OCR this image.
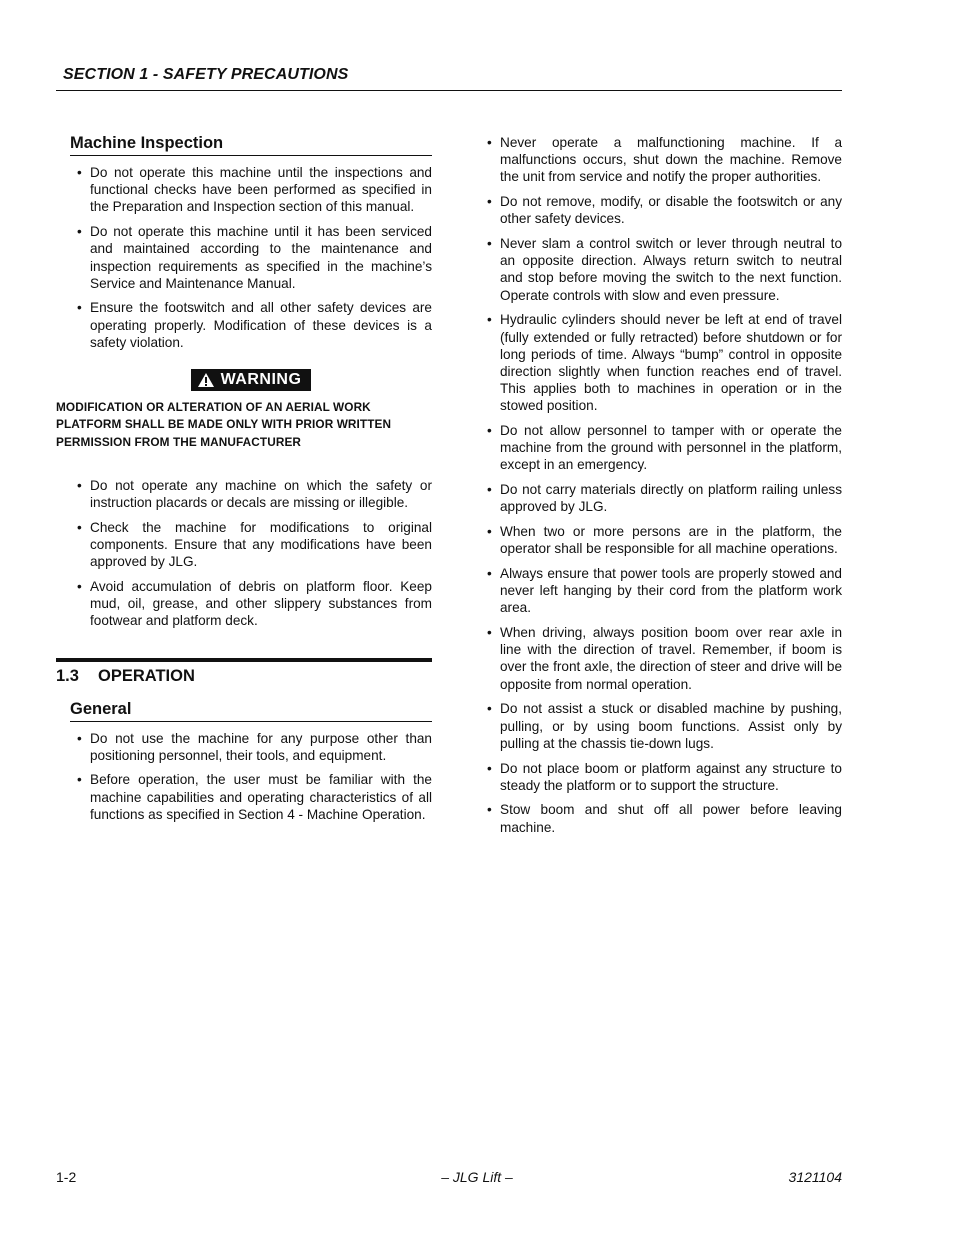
SECTION 1 - SAFETY PRECAUTIONS
Machine Inspection
• Do not operate this machine until the inspections and functional checks have been performed as specified in the Preparation and Inspection section of this manual.
• Do not operate this machine until it has been serviced and maintained according to the maintenance and inspection requirements as specified in the machine’s Service and Maintenance Manual.
• Ensure the footswitch and all other safety devices are operating properly. Modification of these devices is a safety violation.
WARNING
MODIFICATION OR ALTERATION OF AN AERIAL WORK PLATFORM SHALL BE MADE ONLY WITH PRIOR WRITTEN PERMISSION FROM THE MANUFACTURER
• Do not operate any machine on which the safety or instruction placards or decals are missing or illegible.
• Check the machine for modifications to original components. Ensure that any modifications have been approved by JLG.
• Avoid accumulation of debris on platform floor. Keep mud, oil, grease, and other slippery substances from footwear and platform deck.
1.3 OPERATION
General
• Do not use the machine for any purpose other than positioning personnel, their tools, and equipment.
• Before operation, the user must be familiar with the machine capabilities and operating characteristics of all functions as specified in Section 4 - Machine Operation.
• Never operate a malfunctioning machine. If a malfunctions occurs, shut down the machine. Remove the unit from service and notify the proper authorities.
• Do not remove, modify, or disable the footswitch or any other safety devices.
• Never slam a control switch or lever through neutral to an opposite direction. Always return switch to neutral and stop before moving the switch to the next function. Operate controls with slow and even pressure.
• Hydraulic cylinders should never be left at end of travel (fully extended or fully retracted) before shutdown or for long periods of time. Always “bump” control in opposite direction slightly when function reaches end of travel. This applies both to machines in operation or in the stowed position.
• Do not allow personnel to tamper with or operate the machine from the ground with personnel in the platform, except in an emergency.
• Do not carry materials directly on platform railing unless approved by JLG.
• When two or more persons are in the platform, the operator shall be responsible for all machine operations.
• Always ensure that power tools are properly stowed and never left hanging by their cord from the platform work area.
• When driving, always position boom over rear axle in line with the direction of travel. Remember, if boom is over the front axle, the direction of steer and drive will be opposite from normal operation.
• Do not assist a stuck or disabled machine by pushing, pulling, or by using boom functions. Assist only by pulling at the chassis tie-down lugs.
• Do not place boom or platform against any structure to steady the platform or to support the structure.
• Stow boom and shut off all power before leaving machine.
1-2	– JLG Lift –	3121104
